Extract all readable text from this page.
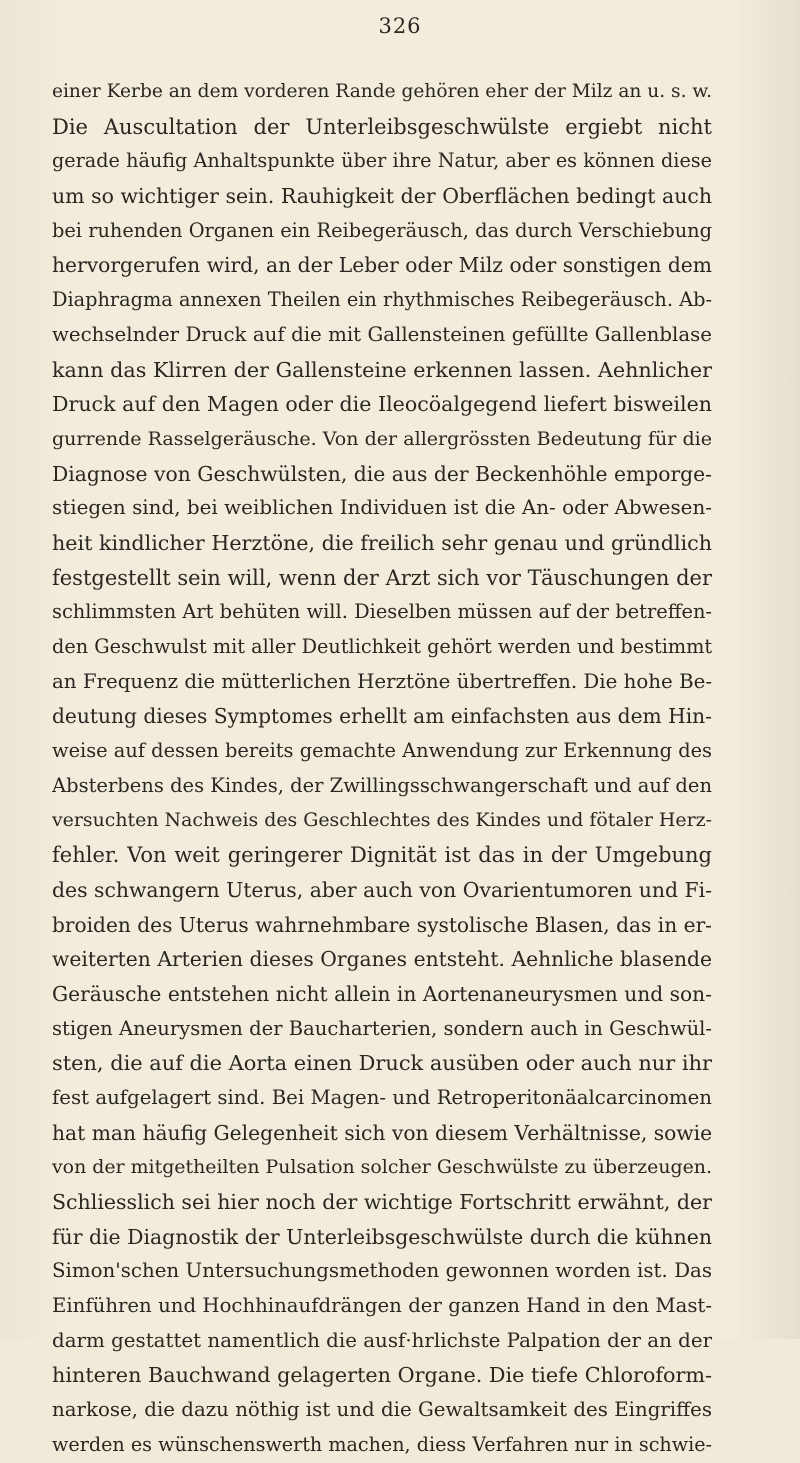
326
einer Kerbe an dem vorderen Rande gehören eher der Milz an u. s. w.
Die Auscultation der Unterleibsgeschwülste ergiebt nicht
gerade häufig Anhaltspunkte über ihre Natur, aber es können diese
um so wichtiger sein. Rauhigkeit der Oberflächen bedingt auch
bei ruhenden Organen ein Reibegeräusch, das durch Verschiebung
hervorgerufen wird, an der Leber oder Milz oder sonstigen dem
Diaphragma annexen Theilen ein rhythmisches Reibegeräusch. Ab-
wechselnder Druck auf die mit Gallensteinen gefüllte Gallenblase
kann das Klirren der Gallensteine erkennen lassen. Aehnlicher
Druck auf den Magen oder die Ileocöalgegend liefert bisweilen
gurrende Rasselgeräusche. Von der allergrössten Bedeutung für die
Diagnose von Geschwülsten, die aus der Beckenhöhle emporge-
stiegen sind, bei weiblichen Individuen ist die An- oder Abwesen-
heit kindlicher Herztöne, die freilich sehr genau und gründlich
festgestellt sein will, wenn der Arzt sich vor Täuschungen der
schlimmsten Art behüten will. Dieselben müssen auf der betreffen-
den Geschwulst mit aller Deutlichkeit gehört werden und bestimmt
an Frequenz die mütterlichen Herztöne übertreffen. Die hohe Be-
deutung dieses Symptomes erhellt am einfachsten aus dem Hin-
weise auf dessen bereits gemachte Anwendung zur Erkennung des
Absterbens des Kindes, der Zwillingsschwangerschaft und auf den
versuchten Nachweis des Geschlechtes des Kindes und fötaler Herz-
fehler. Von weit geringerer Dignität ist das in der Umgebung
des schwangern Uterus, aber auch von Ovarientumoren und Fi-
broiden des Uterus wahrnehmbare systolische Blasen, das in er-
weiterten Arterien dieses Organes entsteht. Aehnliche blasende
Geräusche entstehen nicht allein in Aortenaneurysmen und son-
stigen Aneurysmen der Baucharterien, sondern auch in Geschwül-
sten, die auf die Aorta einen Druck ausüben oder auch nur ihr
fest aufgelagert sind. Bei Magen- und Retroperitonäalcarcinomen
hat man häufig Gelegenheit sich von diesem Verhältnisse, sowie
von der mitgetheilten Pulsation solcher Geschwülste zu überzeugen.
Schliesslich sei hier noch der wichtige Fortschritt erwähnt, der
für die Diagnostik der Unterleibsgeschwülste durch die kühnen
Simon'schen Untersuchungsmethoden gewonnen worden ist. Das
Einführen und Hochhinaufdrängen der ganzen Hand in den Mast-
darm gestattet namentlich die ausf·hrlichste Palpation der an der
hinteren Bauchwand gelagerten Organe. Die tiefe Chloroform-
narkose, die dazu nöthig ist und die Gewaltsamkeit des Eingriffes
werden es wünschenswerth machen, diess Verfahren nur in schwie-
